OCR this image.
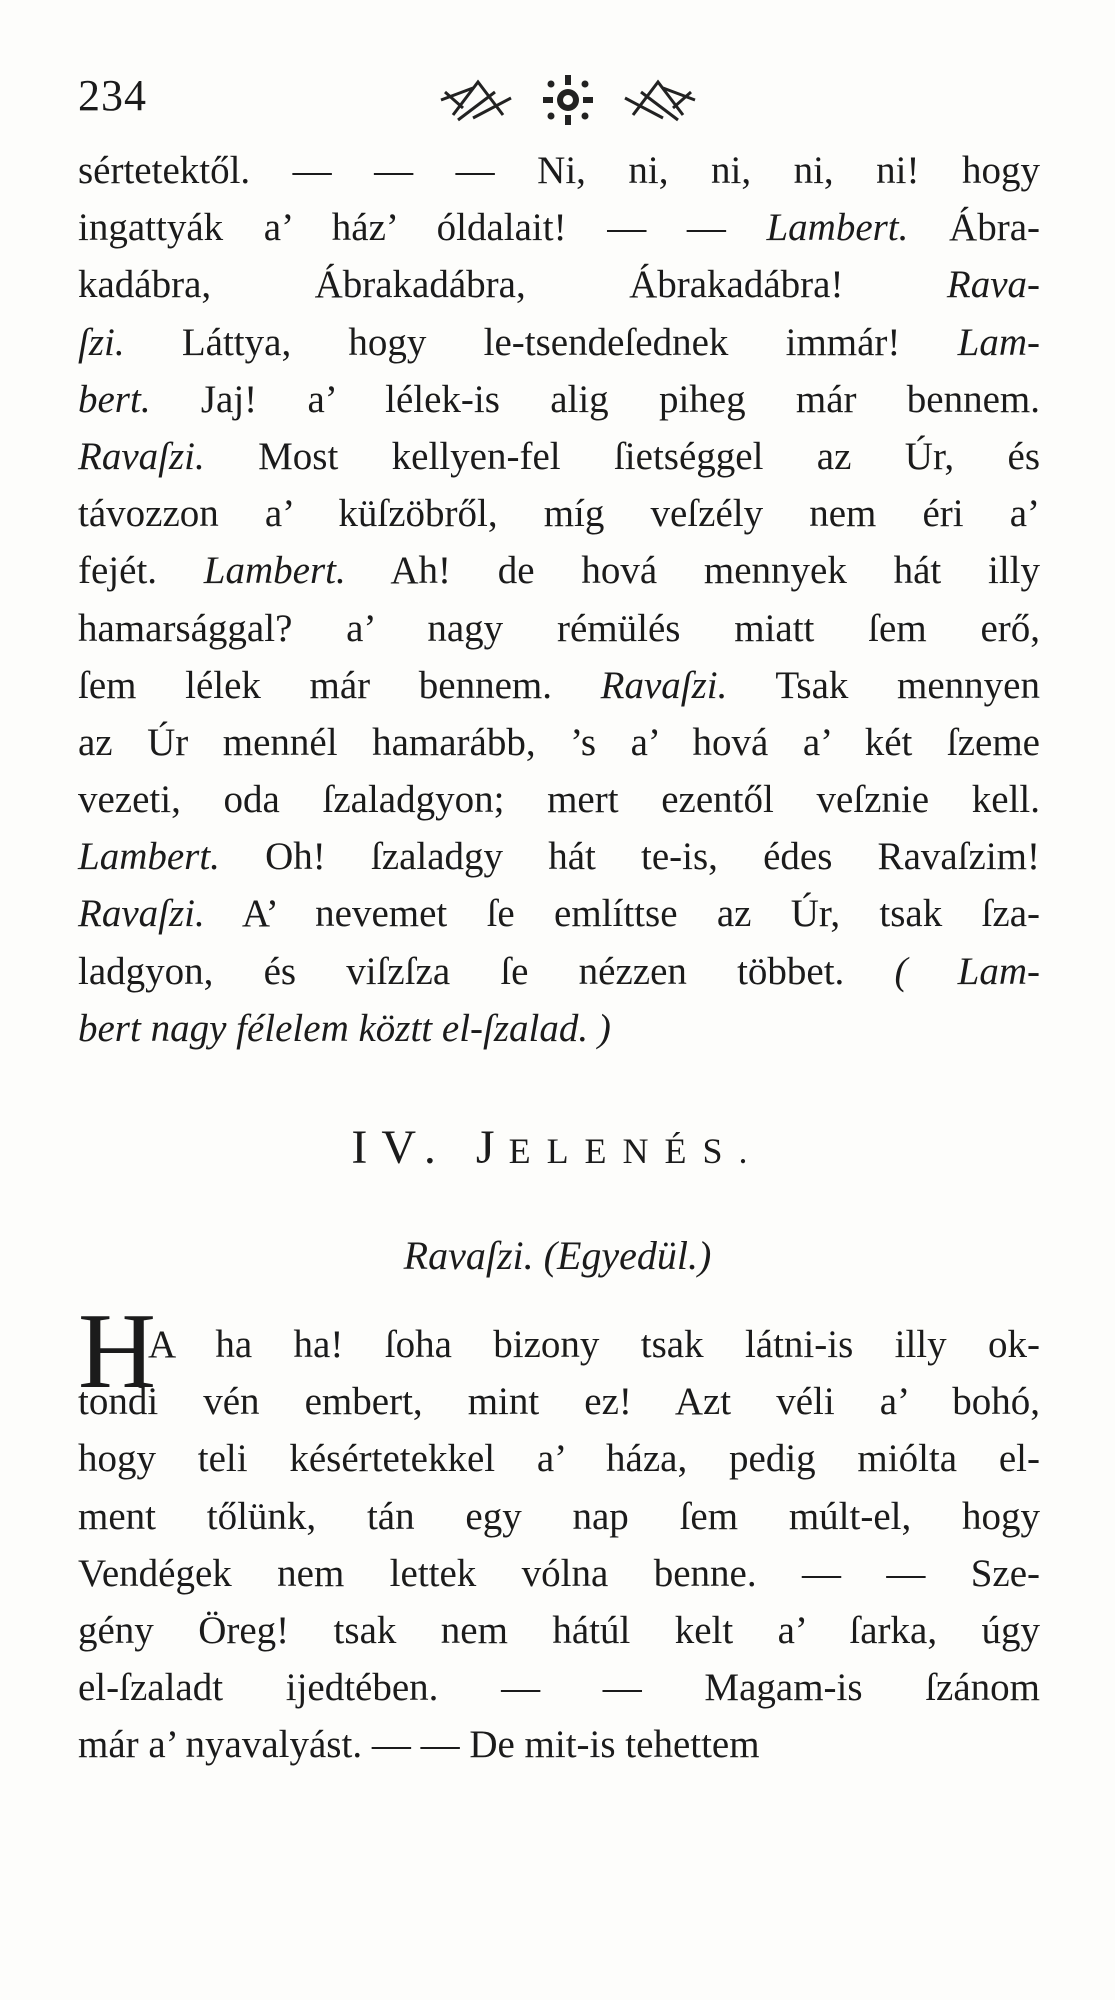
234
sértetektől. — — — Ni, ni, ni, ni, ni! hogy
ingattyák a’ ház’ óldalait! — — Lambert. Ábra-
kadábra, Ábrakadábra, Ábrakadábra! Rava-
ſzi. Láttya, hogy le-tsendeſednek immár! Lam-
bert. Jaj! a’ lélek-is alig piheg már bennem.
Ravaſzi. Most kellyen-fel ſietséggel az Úr, és
távozzon a’ küſzöbről, míg veſzély nem éri a’
fejét. Lambert. Ah! de hová mennyek hát illy
hamarsággal? a’ nagy rémülés miatt ſem erő,
ſem lélek már bennem. Ravaſzi. Tsak mennyen
az Úr mennél hamarább, ’s a’ hová a’ két ſzeme
vezeti, oda ſzaladgyon; mert ezentől veſznie kell.
Lambert. Oh! ſzaladgy hát te-is, édes Ravaſzim!
Ravaſzi. A’ nevemet ſe említtse az Úr, tsak ſza-
ladgyon, és viſzſza ſe nézzen többet. ( Lam-
bert nagy félelem köztt el-ſzalad. )
IV. JELENÉS.
Ravaſzi. (Egyedül.)
H
A ha ha! ſoha bizony tsak látni-is illy ok-
tondi vén embert, mint ez! Azt véli a’ bohó,
hogy teli késértetekkel a’ háza, pedig miólta el-
ment tőlünk, tán egy nap ſem múlt-el, hogy
Vendégek nem lettek vólna benne. — — Sze-
gény Öreg! tsak nem hátúl kelt a’ ſarka, úgy
el-ſzaladt ijedtében. — — Magam-is ſzánom
már a’ nyavalyást. — — De mit-is tehettem
